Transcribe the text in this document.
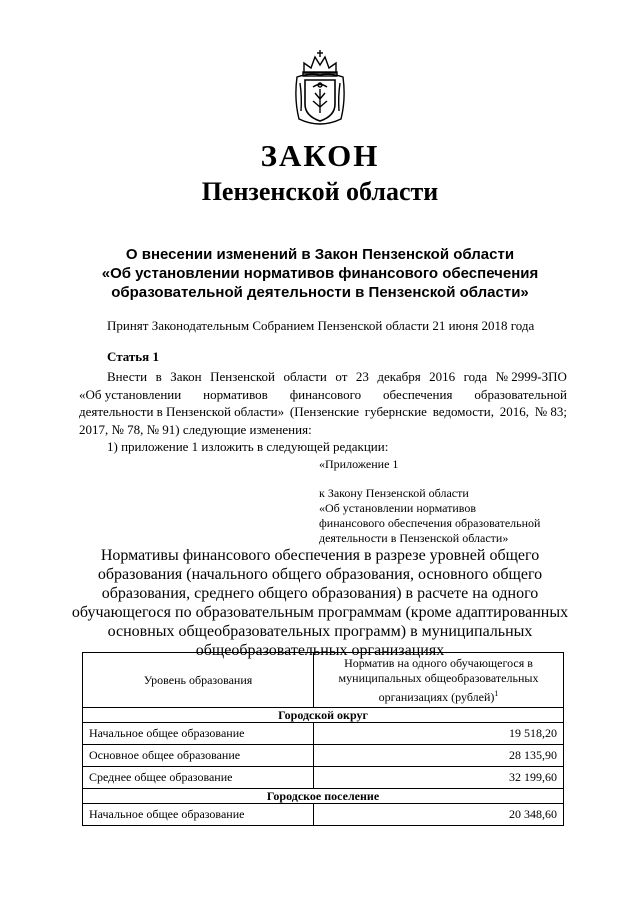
ЗАКОН
Пензенской области
О внесении изменений в Закон Пензенской области
«Об установлении нормативов финансового обеспечения
образовательной деятельности в Пензенской области»
Принят Законодательным Собранием Пензенской области 21 июня 2018 года
Статья 1
Внести в Закон Пензенской области от 23 декабря 2016 года № 2999-ЗПО
«Об установлении нормативов финансового обеспечения образовательной
деятельности в Пензенской области» (Пензенские губернские ведомости, 2016, № 83;
2017, № 78, № 91) следующие изменения:
1) приложение 1 изложить в следующей редакции:
«Приложение 1
к Закону Пензенской области
«Об установлении нормативов
финансового обеспечения образовательной
деятельности в Пензенской области»
Нормативы финансового обеспечения в разрезе уровней общего
образования (начального общего образования, основного общего
образования, среднего общего образования) в расчете на одного
обучающегося по образовательным программам (кроме адаптированных
основных общеобразовательных программ) в муниципальных
общеобразовательных организациях
Уровень образования	Норматив на одного обучающегося в
муниципальных общеобразовательных
организациях (рублей)$^1$

Городской округ	
Начальное общее образование	19 518,20
Основное общее образование	28 135,90
Среднее общее образование	32 199,60
Городское поселение	
Начальное общее образование	20 348,60
